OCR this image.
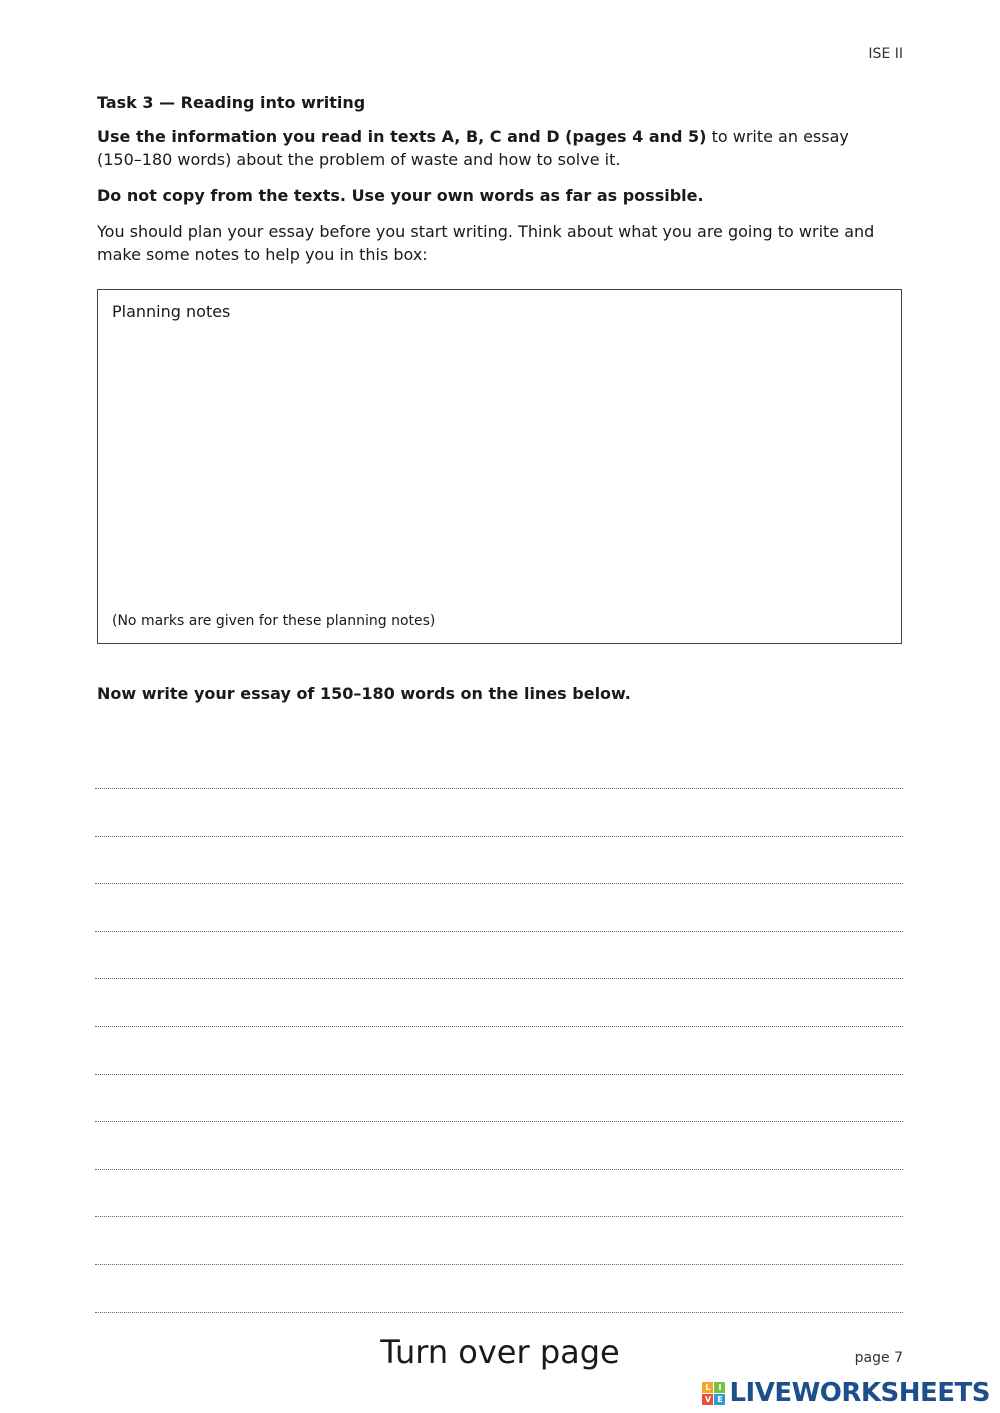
ISE II
Task 3 — Reading into writing
Use the information you read in texts A, B, C and D (pages 4 and 5) to write an essay (150–180 words) about the problem of waste and how to solve it.
Do not copy from the texts. Use your own words as far as possible.
You should plan your essay before you start writing. Think about what you are going to write and make some notes to help you in this box:
Planning notes
(No marks are given for these planning notes)
Now write your essay of 150–180 words on the lines below.
Turn over page	page 7
L I
V E LIVEWORKSHEETS
